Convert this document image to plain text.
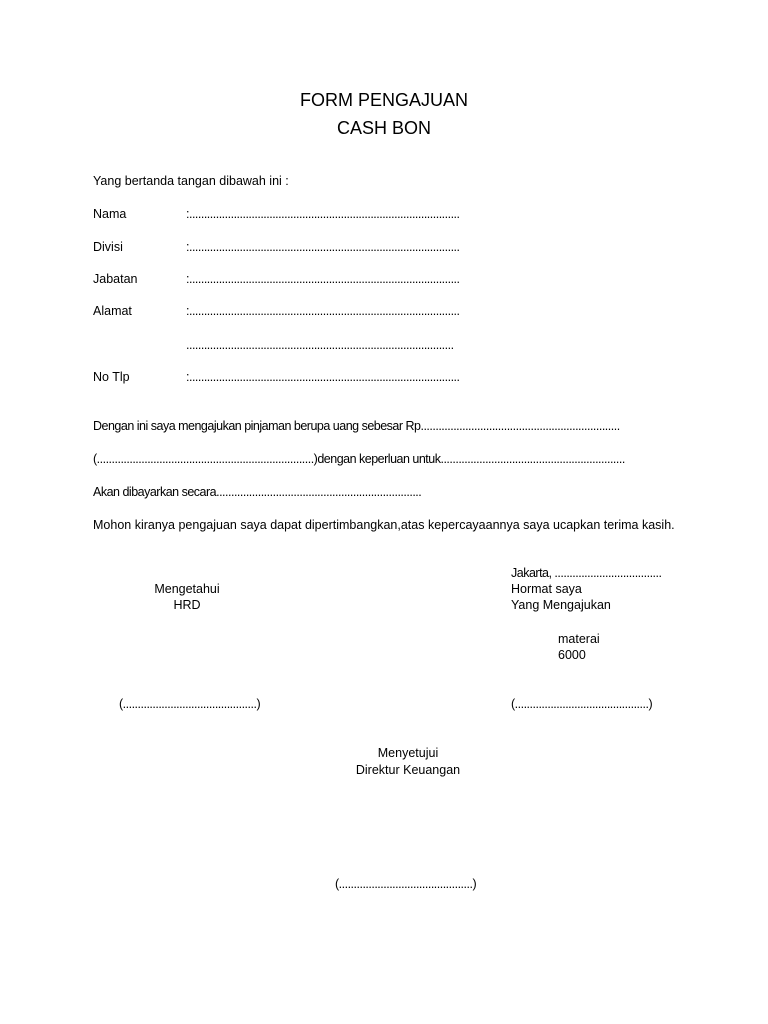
FORM PENGAJUAN
CASH BON
Yang bertanda tangan dibawah ini :
Nama	:...........................................................................................
Divisi	:...........................................................................................
Jabatan	:...........................................................................................
Alamat	:...........................................................................................
..........................................................................................
No Tlp	:...........................................................................................
Dengan ini saya mengajukan pinjaman berupa uang sebesar Rp...................................................................
(.........................................................................)dengan keperluan untuk..............................................................
Akan dibayarkan secara.....................................................................
Mohon kiranya pengajuan saya dapat dipertimbangkan,atas kepercayaannya saya ucapkan terima kasih.
Mengetahui
HRD
(.............................................)
Jakarta, ....................................
Hormat saya
Yang Mengajukan
materai
6000
(.............................................)
Menyetujui
Direktur Keuangan
(.............................................)
